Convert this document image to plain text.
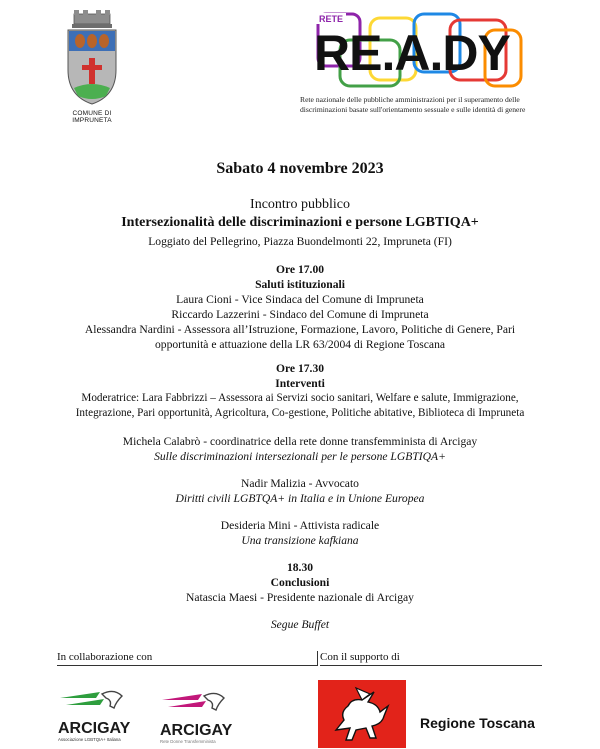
COMUNE DI IMPRUNETA
RETE
RE.A.DY
Rete nazionale delle pubbliche amministrazioni per il superamento delle discriminazioni basate sull'orientamento sessuale e sulle identità di genere
Sabato 4 novembre 2023
Incontro pubblico
Intersezionalità delle discriminazioni e persone LGBTIQA+
Loggiato del Pellegrino, Piazza Buondelmonti 22, Impruneta (FI)
Ore 17.00
Saluti istituzionali
Laura Cioni - Vice Sindaca del Comune di Impruneta
Riccardo Lazzerini - Sindaco del Comune di Impruneta
Alessandra Nardini - Assessora all’Istruzione, Formazione, Lavoro, Politiche di Genere, Pari
opportunità e attuazione della LR 63/2004 di Regione Toscana
Ore 17.30
Interventi
Moderatrice: Lara Fabbrizzi – Assessora ai Servizi socio sanitari, Welfare e salute, Immigrazione,
Integrazione, Pari opportunità, Agricoltura, Co-gestione, Politiche abitative, Biblioteca di Impruneta
Michela Calabrò - coordinatrice della rete donne transfemminista di Arcigay
Sulle discriminazioni intersezionali per le persone LGBTIQA+
Nadir Malizia - Avvocato
Diritti civili LGBTQA+ in Italia e in Unione Europea
Desideria Mini - Attivista radicale
Una transizione kafkiana
18.30
Conclusioni
Natascia Maesi - Presidente nazionale di Arcigay
Segue Buffet
In collaborazione con	Con il supporto di
ARCIGAY
Associazione LGBTQIA+ Italiana
ARCIGAY
Rete Donne Transfemminista
Regione Toscana
